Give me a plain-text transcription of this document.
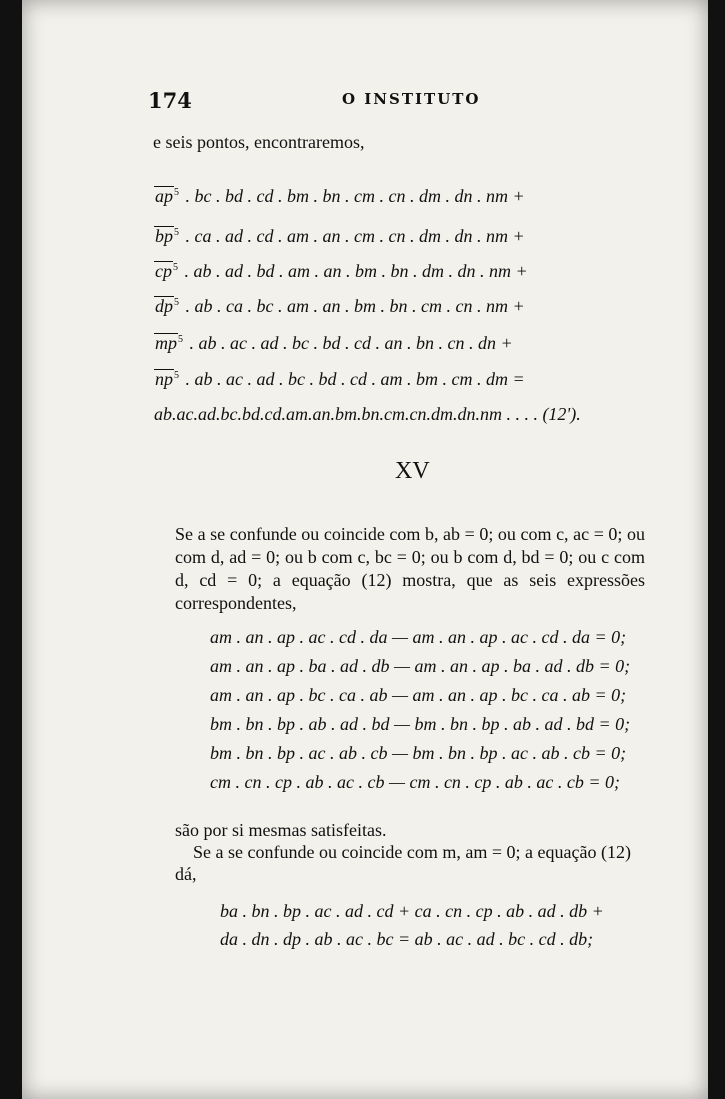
174	O INSTITUTO
e seis pontos, encontraremos,
$ap^5$ . bc . bd . cd . bm . bn . cm . cn . dm . dn . nm +
$bp^5$ . ca . ad . cd . am . an . cm . cn . dm . dn . nm +
$cp^5$ . ab . ad . bd . am . an . bm . bn . dm . dn . nm +
$dp^5$ . ab . ca . bc . am . an . bm . bn . cm . cn . nm +
$mp^5$ . ab . ac . ad . bc . bd . cd . an . bn . cn . dn +
$np^5$ . ab . ac . ad . bc . bd . cd . am . bm . cm . dm =
ab.ac.ad.bc.bd.cd.am.an.bm.bn.cm.cn.dm.dn.nm . . . . (12').
XV
Se a se confunde ou coincide com b, ab = 0; ou com c, ac = 0; ou com d, ad = 0; ou b com c, bc = 0; ou b com d, bd = 0; ou c com d, cd = 0; a equação (12) mostra, que as seis expressões correspondentes,
am . an . ap . ac . cd . da — am . an . ap . ac . cd . da = 0;
am . an . ap . ba . ad . db — am . an . ap . ba . ad . db = 0;
am . an . ap . bc . ca . ab — am . an . ap . bc . ca . ab = 0;
bm . bn . bp . ab . ad . bd — bm . bn . bp . ab . ad . bd = 0;
bm . bn . bp . ac . ab . cb — bm . bn . bp . ac . ab . cb = 0;
cm . cn . cp . ab . ac . cb — cm . cn . cp . ab . ac . cb = 0;
são por si mesmas satisfeitas.
Se a se confunde ou coincide com m, am = 0; a equação (12)
dá,
ba . bn . bp . ac . ad . cd + ca . cn . cp . ab . ad . db +
da . dn . dp . ab . ac . bc = ab . ac . ad . bc . cd . db;
